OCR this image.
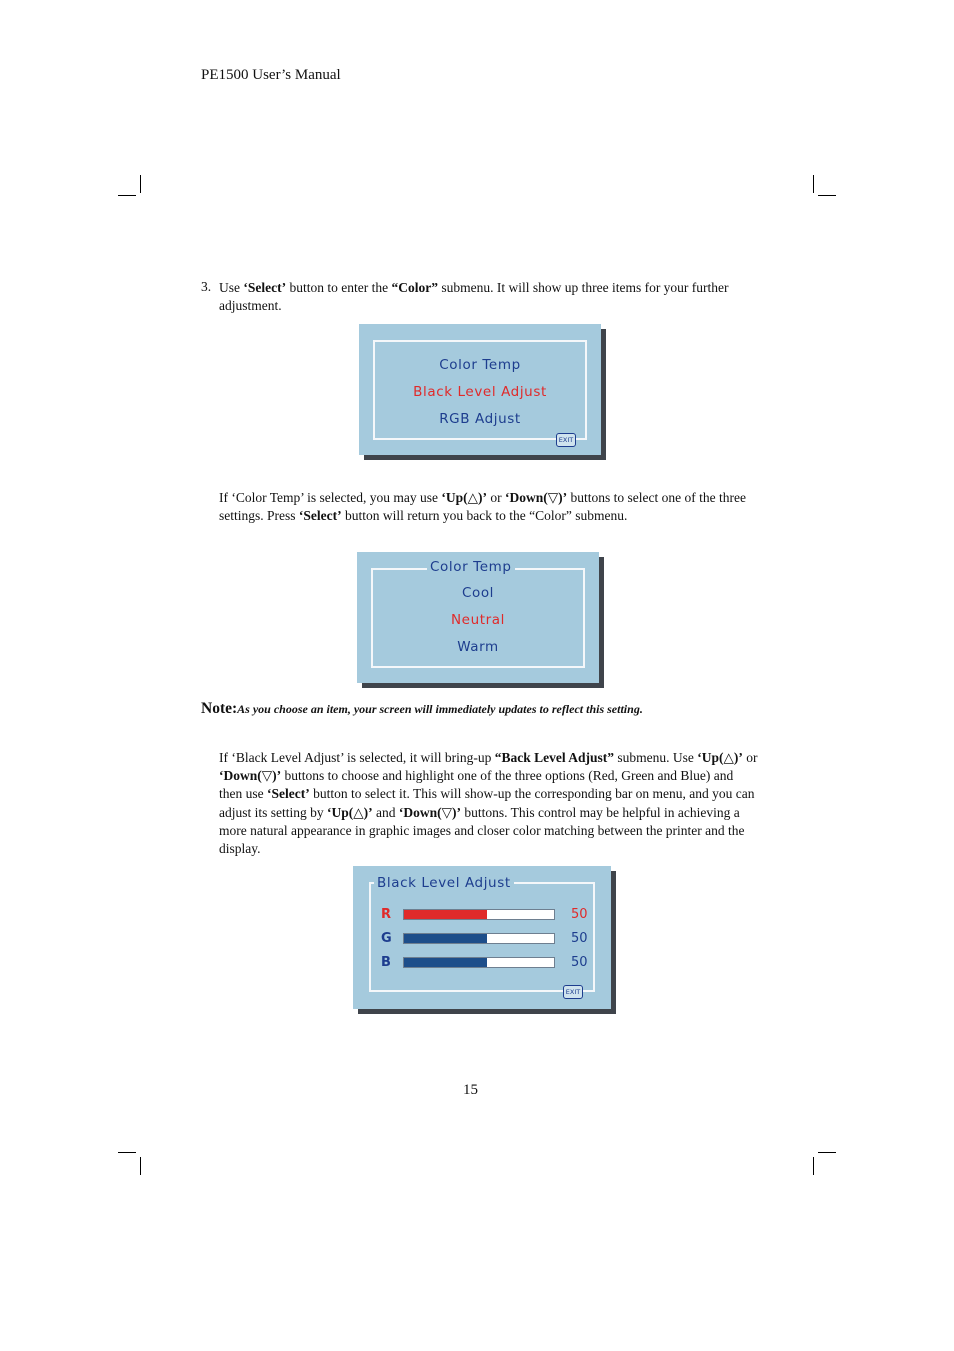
PE1500 User’s Manual
3. Use ‘Select’ button to enter the “Color” submenu. It will show up three items for your further adjustment.
Color Temp
Black Level Adjust
RGB Adjust
EXIT
If ‘Color Temp’ is selected, you may use ‘Up(△)’ or ‘Down(▽)’ buttons to select one of the three settings. Press ‘Select’ button will return you back to the “Color” submenu.
Color Temp
Cool
Neutral
Warm
Note:As you choose an item, your screen will immediately updates to reflect this setting.
If ‘Black Level Adjust’ is selected, it will bring-up “Back Level Adjust” submenu. Use ‘Up(△)’ or ‘Down(▽)’ buttons to choose and highlight one of the three options (Red, Green and Blue) and then use ‘Select’ button to select it. This will show-up the corresponding bar on menu, and you can adjust its setting by ‘Up(△)’ and ‘Down(▽)’ buttons. This control may be helpful in achieving a more natural appearance in graphic images and closer color matching between the printer and the display.
Black Level Adjust
R	50
G	50
B	50
EXIT
15
